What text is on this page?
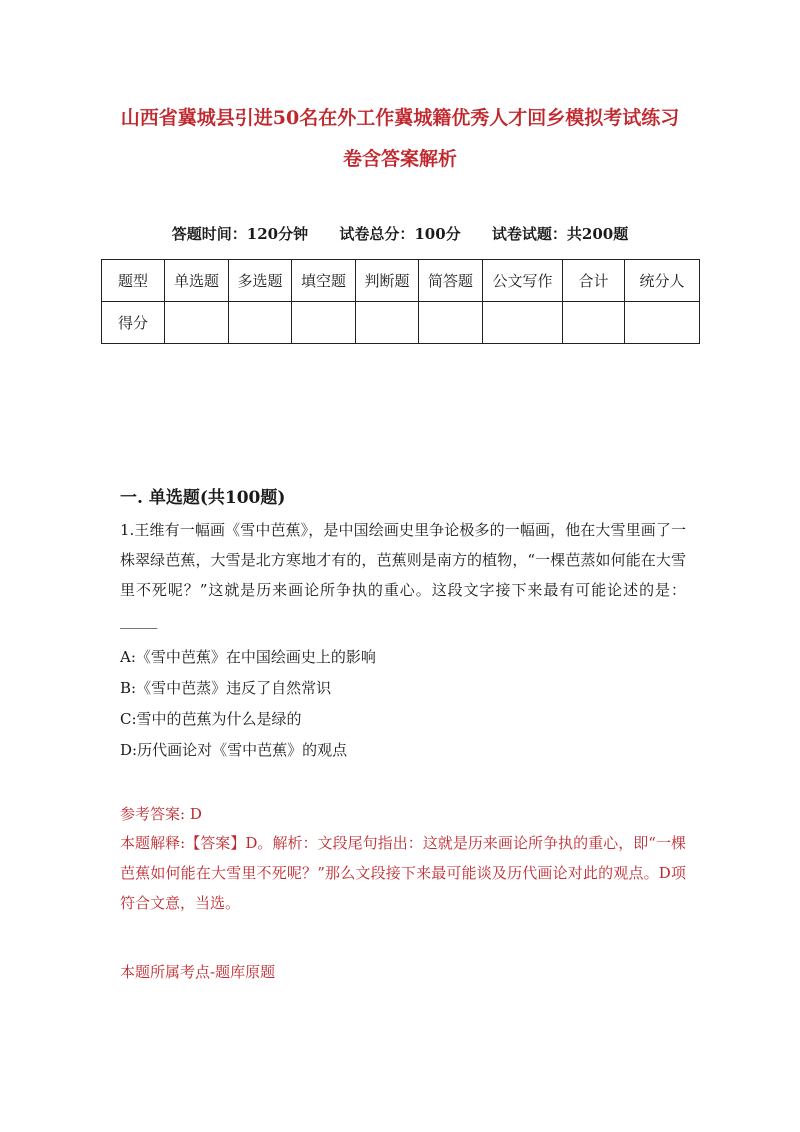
山西省冀城县引进50名在外工作冀城籍优秀人才回乡模拟考试练习
卷含答案解析
答题时间：120分钟 试卷总分：100分 试卷试题：共200题
题型	单选题	多选题	填空题	判断题	简答题	公文写作	合计	统分人
得分								
一. 单选题(共100题)
1.王维有一幅画《雪中芭蕉》，是中国绘画史里争论极多的一幅画，他在大雪里画了一株翠绿芭蕉，大雪是北方寒地才有的，芭蕉则是南方的植物，“一棵芭蒸如何能在大雪里不死呢？”这就是历来画论所争执的重心。这段文字接下来最有可能论述的是：_____
A:《雪中芭蕉》在中国绘画史上的影响
B:《雪中芭蒸》违反了自然常识
C:雪中的芭蕉为什么是绿的
D:历代画论对《雪中芭蕉》的观点
参考答案: D
本题解释:【答案】D。解析：文段尾句指出：这就是历来画论所争执的重心，即“一棵芭蕉如何能在大雪里不死呢？”那么文段接下来最可能谈及历代画论对此的观点。D项符合文意，当选。
本题所属考点-题库原题
